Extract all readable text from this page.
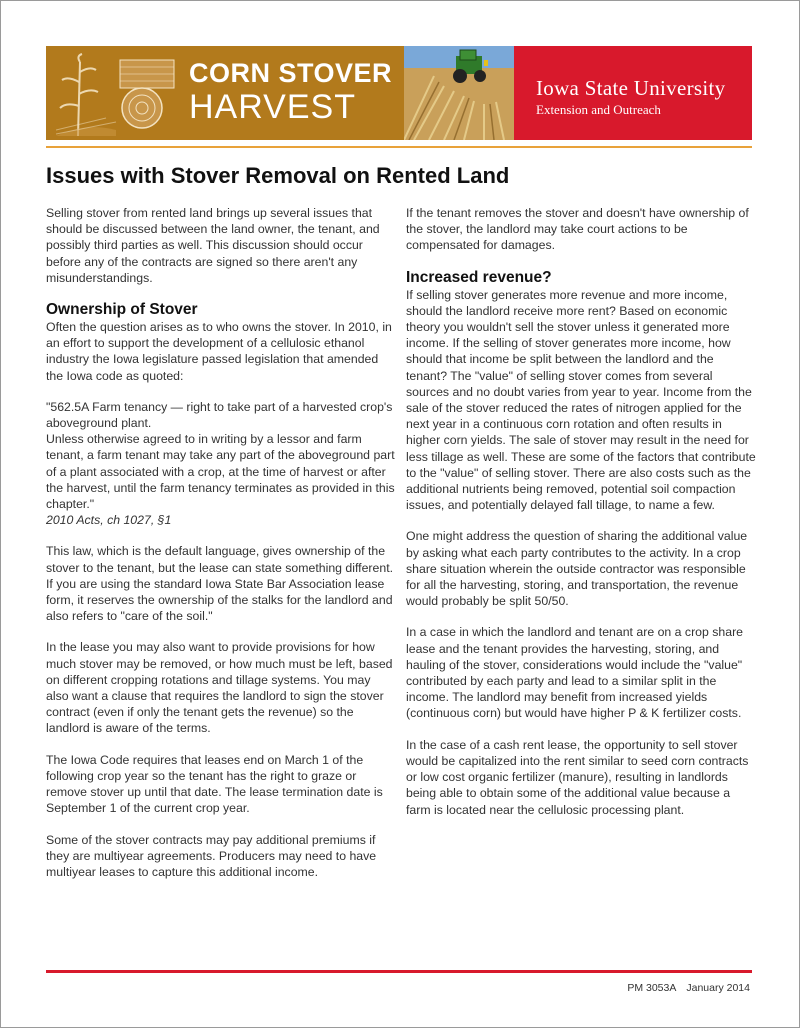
CORN STOVER
HARVEST	Iowa State University
Extension and Outreach
Issues with Stover Removal on Rented Land

Selling stover from rented land brings up several issues that should be discussed between the land owner, the tenant, and possibly third parties as well. This discussion should occur before any of the contracts are signed so there aren't any misunderstandings.

Ownership of Stover

Often the question arises as to who owns the stover. In 2010, in an effort to support the development of a cellulosic ethanol industry the Iowa legislature passed legislation that amended the Iowa code as quoted:

"562.5A Farm tenancy — right to take part of a harvested crop's aboveground plant.

Unless otherwise agreed to in writing by a lessor and farm tenant, a farm tenant may take any part of the aboveground part of a plant associated with a crop, at the time of harvest or after the harvest, until the farm tenancy terminates as provided in this chapter."

2010 Acts, ch 1027, §1

This law, which is the default language, gives ownership of the stover to the tenant, but the lease can state something different. If you are using the standard Iowa State Bar Association lease form, it reserves the ownership of the stalks for the landlord and also refers to "care of the soil."

In the lease you may also want to provide provisions for how much stover may be removed, or how much must be left, based on different cropping rotations and tillage systems. You may also want a clause that requires the landlord to sign the stover contract (even if only the tenant gets the revenue) so the landlord is aware of the terms.

The Iowa Code requires that leases end on March 1 of the following crop year so the tenant has the right to graze or remove stover up until that date. The lease termination date is September 1 of the current crop year.

Some of the stover contracts may pay additional premiums if they are multiyear agreements. Producers may need to have multiyear leases to capture this additional income.

If the tenant removes the stover and doesn't have ownership of the stover, the landlord may take court actions to be compensated for damages.

Increased revenue?

If selling stover generates more revenue and more income, should the landlord receive more rent? Based on economic theory you wouldn't sell the stover unless it generated more income. If the selling of stover generates more income, how should that income be split between the landlord and the tenant? The "value" of selling stover comes from several sources and no doubt varies from year to year. Income from the sale of the stover reduced the rates of nitrogen applied for the next year in a continuous corn rotation and often results in higher corn yields. The sale of stover may result in the need for less tillage as well. These are some of the factors that contribute to the "value" of selling stover. There are also costs such as the additional nutrients being removed, potential soil compaction issues, and potentially delayed fall tillage, to name a few.

One might address the question of sharing the additional value by asking what each party contributes to the activity. In a crop share situation wherein the outside contractor was responsible for all the harvesting, storing, and transportation, the revenue would probably be split 50/50.

In a case in which the landlord and tenant are on a crop share lease and the tenant provides the harvesting, storing, and hauling of the stover, considerations would include the "value" contributed by each party and lead to a similar split in the income. The landlord may benefit from increased yields (continuous corn) but would have higher P & K fertilizer costs.

In the case of a cash rent lease, the opportunity to sell stover would be capitalized into the rent similar to seed corn contracts or low cost organic fertilizer (manure), resulting in landlords being able to obtain some of the additional value because a farm is located near the cellulosic processing plant.

PM 3053A January 2014
